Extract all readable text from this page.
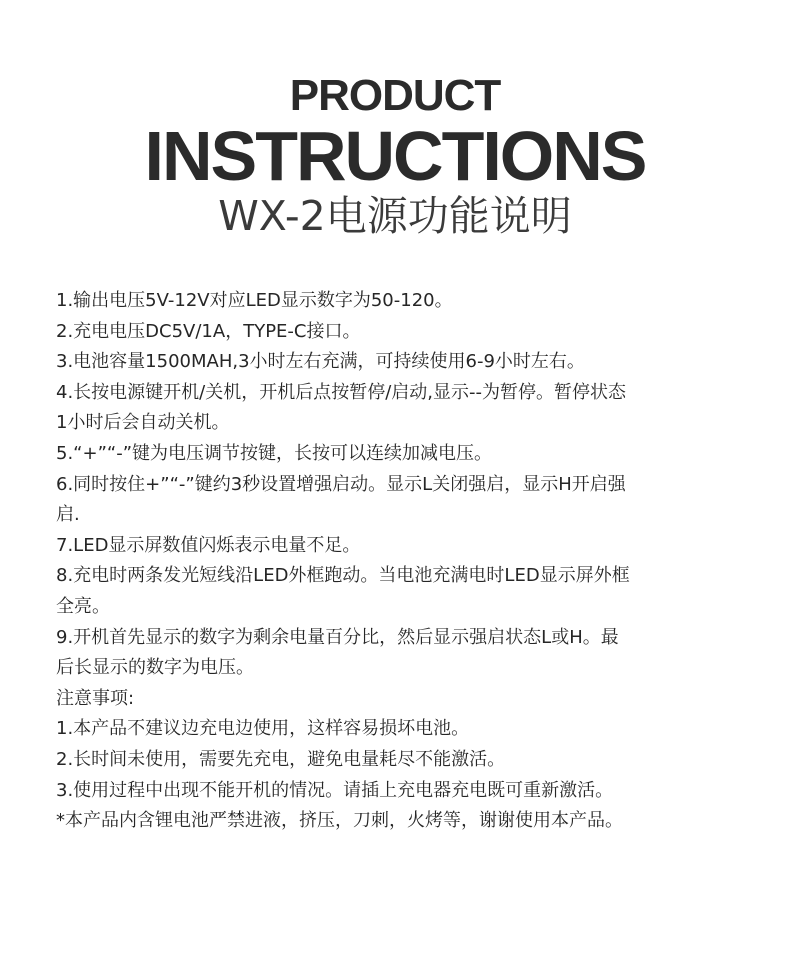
PRODUCT
INSTRUCTIONS
WX-2电源功能说明
1.输出电压5V-12V对应LED显示数字为50-120。
2.充电电压DC5V/1A，TYPE-C接口。
3.电池容量1500MAH,3小时左右充满，可持续使用6-9小时左右。
4.长按电源键开机/关机，开机后点按暂停/启动,显示--为暂停。暂停状态
1小时后会自动关机。
5.“+”“-”键为电压调节按键，长按可以连续加减电压。
6.同时按住+”“-”键约3秒设置增强启动。显示L关闭强启，显示H开启强
启.
7.LED显示屏数值闪烁表示电量不足。
8.充电时两条发光短线沿LED外框跑动。当电池充满电时LED显示屏外框
全亮。
9.开机首先显示的数字为剩余电量百分比，然后显示强启状态L或H。最
后长显示的数字为电压。
注意事项:
1.本产品不建议边充电边使用，这样容易损坏电池。
2.长时间未使用，需要先充电，避免电量耗尽不能激活。
3.使用过程中出现不能开机的情况。请插上充电器充电既可重新激活。
*本产品内含锂电池严禁进液，挤压，刀刺，火烤等，谢谢使用本产品。
